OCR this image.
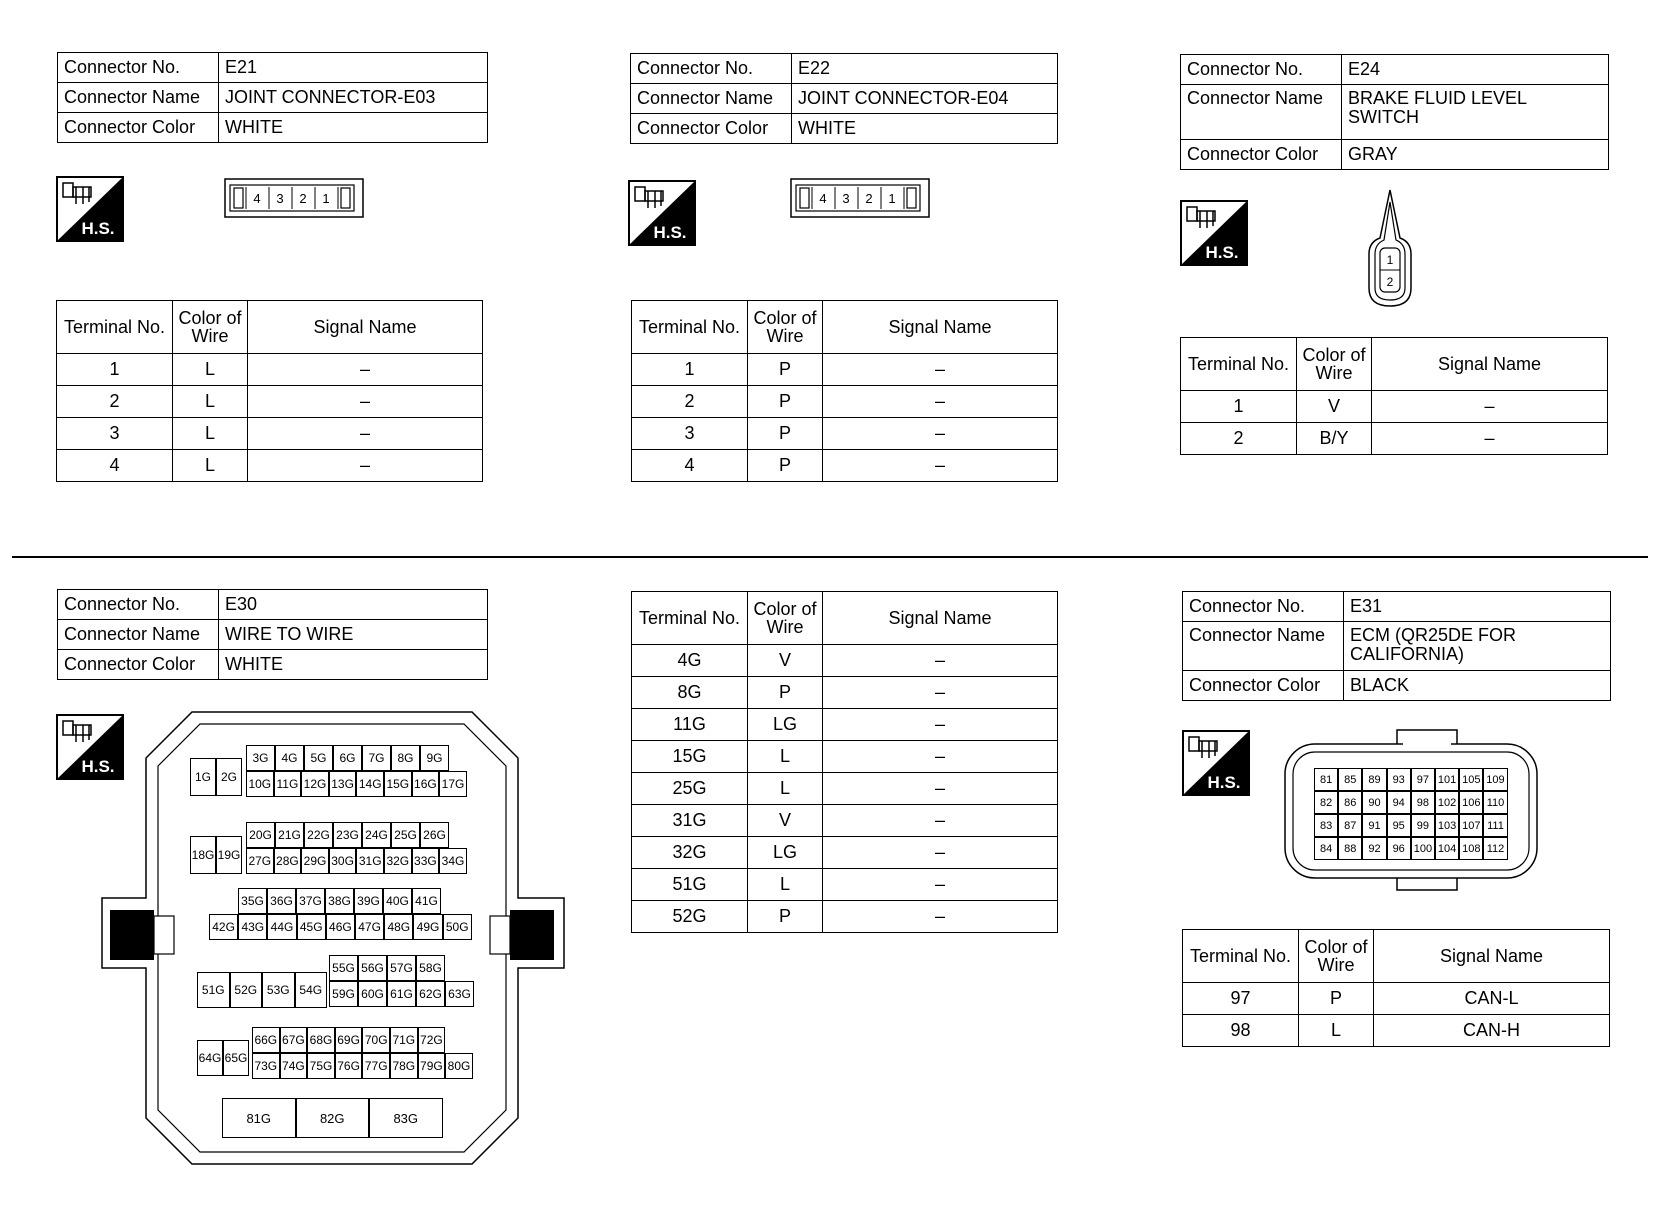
Connector No.	E21
Connector Name	JOINT CONNECTOR-E03
Connector Color	WHITE
H.S.
4 3 2 1
Terminal No.	Color of
Wire	Signal Name
1	L	–
2	L	–
3	L	–
4	L	–
Connector No.	E22
Connector Name	JOINT CONNECTOR-E04
Connector Color	WHITE
H.S.
4 3 2 1
Terminal No.	Color of
Wire	Signal Name
1	P	–
2	P	–
3	P	–
4	P	–
Connector No.	E24
Connector Name	BRAKE FLUID LEVEL
SWITCH
Connector Color	GRAY
H.S.	1
2
Terminal No.	Color of
Wire	Signal Name
1	V	–
2	B/Y	–
Connector No.	E30
Connector Name	WIRE TO WIRE
Connector Color	WHITE
H.S.	3G	4G	5G	6G	7G	8G	9G
1G 2G 10G 11G 12G 13G 14G 15G 16G 17G
20G 21G 22G 23G 24G 25G 26G
18G 19G 27G 28G 29G 30G 31G 32G 33G 34G
35G 36G 37G 38G 39G 40G 41G
42G 43G 44G 45G 46G 47G 48G 49G 50G
51G 52G 53G 54G
55G 56G 57G 58G
59G 60G 61G 62G 63G
64G 65G
66G 67G 68G 69G 70G 71G 72G
73G 74G 75G 76G 77G 78G 79G 80G
81G	82G	83G
Terminal No.	Color of
Wire	Signal Name
4G	V	–
8G	P	–
11G	LG	–
15G	L	–
25G	L	–
31G	V	–
32G	LG	–
51G	L	–
52G	P	–
Connector No.	E31
Connector Name	ECM (QR25DE FOR
CALIFORNIA)
Connector Color	BLACK
H.S.	81	85	89	93	97 101 105 109
82	86	90	94	98 102 106 110
83	87	91	95	99 103 107 111
84	88	92	96 100 104 108 112
Terminal No.	Color of
Wire	Signal Name
97	P	CAN-L
98	L	CAN-H
